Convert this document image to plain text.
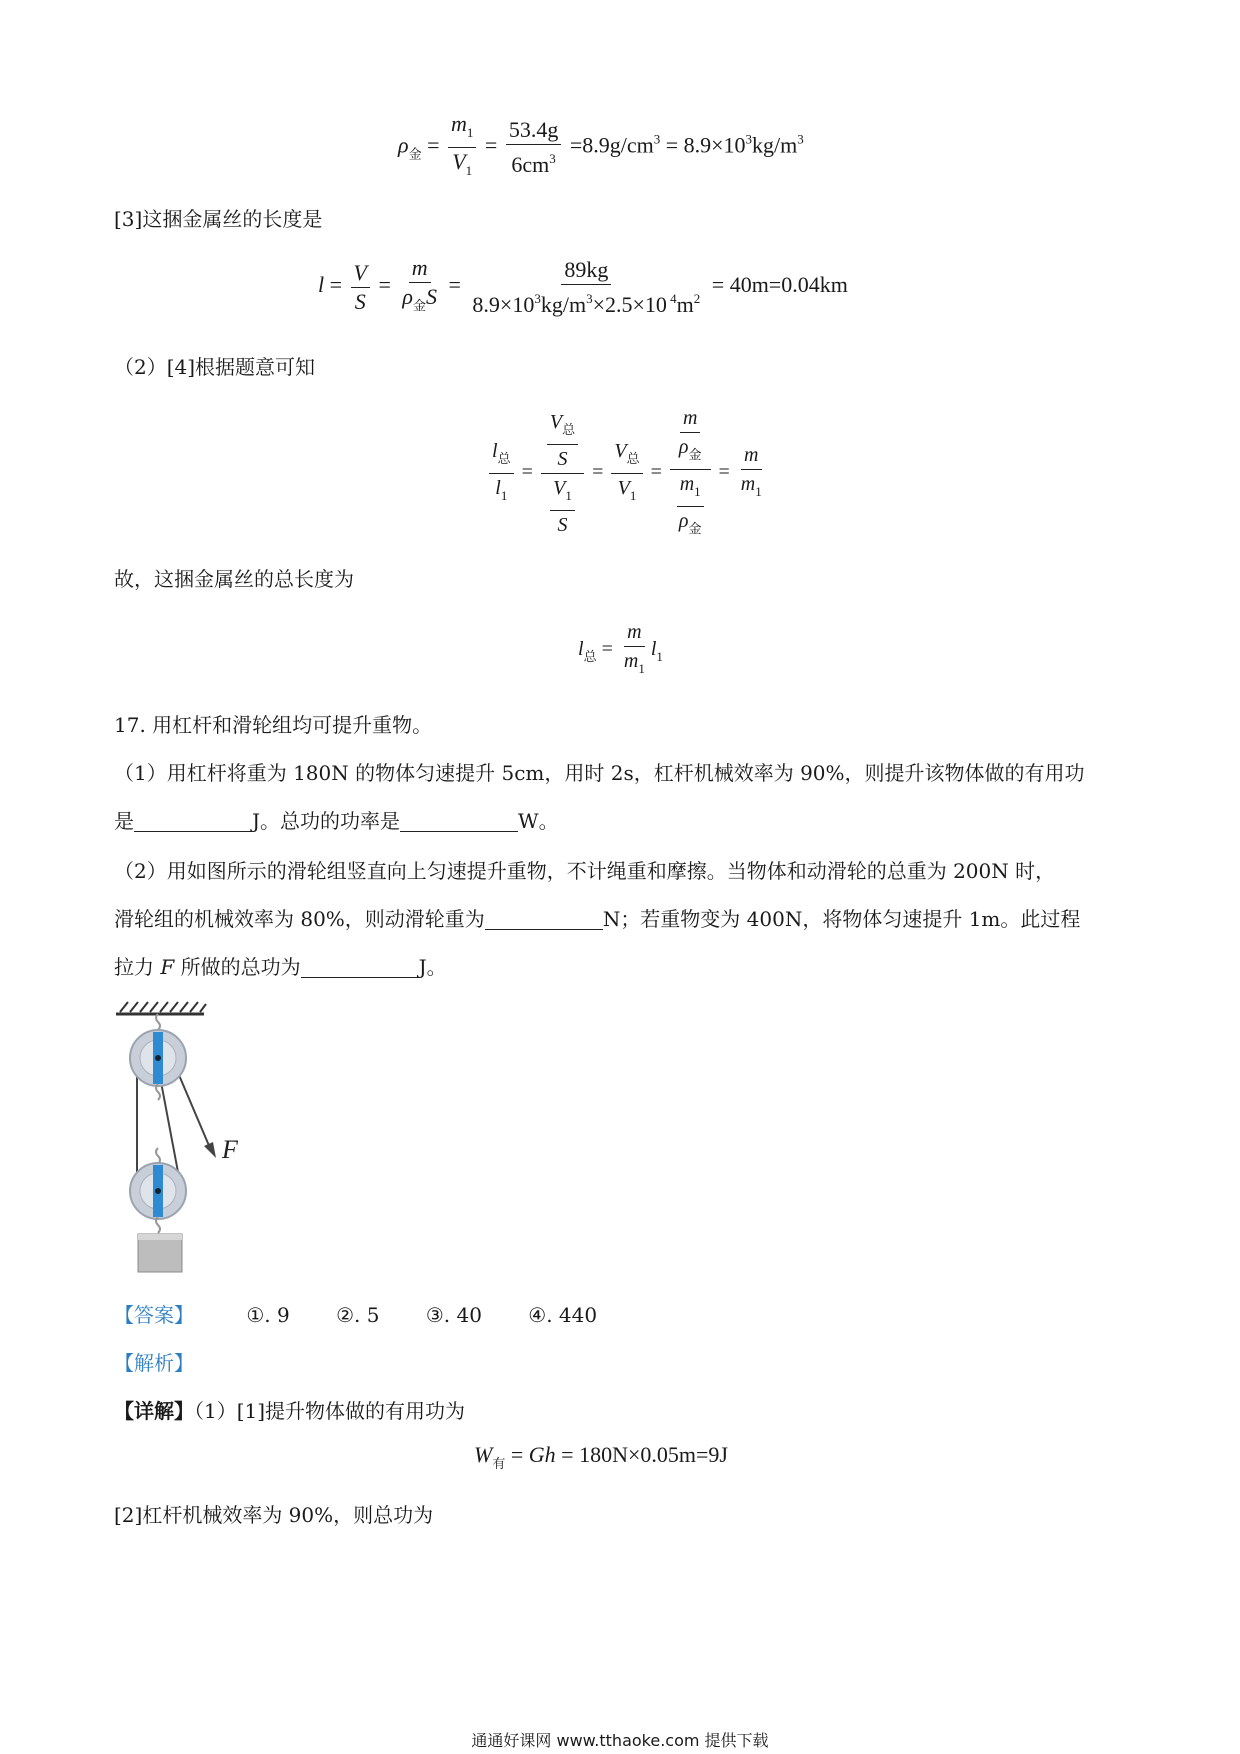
$\rho_金 = \frac{m_1}{V_1} = \frac{53.4g}{6cm^3} =8.9g/cm^3 = 8.9\times 10^3kg/m^3$
[3]这捆金属丝的长度是
$l = \frac{V}{S} = \frac{m}{\rho_金S} = \frac{89kg}{8.9\times 10^3kg/m^3\times 2.5\times 10 ^4m^2} = 40m=0.04km$
（2）[4]根据题意可知
$\frac{l_总}{l_1} = \frac{\frac{V_总}{S}}{\frac{V_1}{S}} = \frac{V_总}{V_1} = \frac{\frac{m}{\rho_金}}{\frac{m_1}{\rho_金}} = \frac{m}{m_1}$
故，这捆金属丝的总长度为
$l_总 = \frac{m}{m_1} l_1$
17. 用杠杆和滑轮组均可提升重物。
（1）用杠杆将重为 180N 的物体匀速提升 5cm，用时 2s，杠杆机械效率为 90%，则提升该物体做的有用功
是	J。总功的功率是	W。
（2）用如图所示的滑轮组竖直向上匀速提升重物，不计绳重和摩擦。当物体和动滑轮的总重为 200N 时，
滑轮组的机械效率为 80%，则动滑轮重为	N；若重物变为 400N，将物体匀速提升 1m。此过程
拉力 F 所做的总功为	J。
F
【答案】	①. 9 ②. 5 ③. 40 ④. 440
【解析】
【详解】（1）[1]提升物体做的有用功为
$W_有 = Gh = 180N\times 0.05m=9J$
[2]杠杆机械效率为 90%，则总功为
通通好课网 www.tthaoke.com 提供下载
